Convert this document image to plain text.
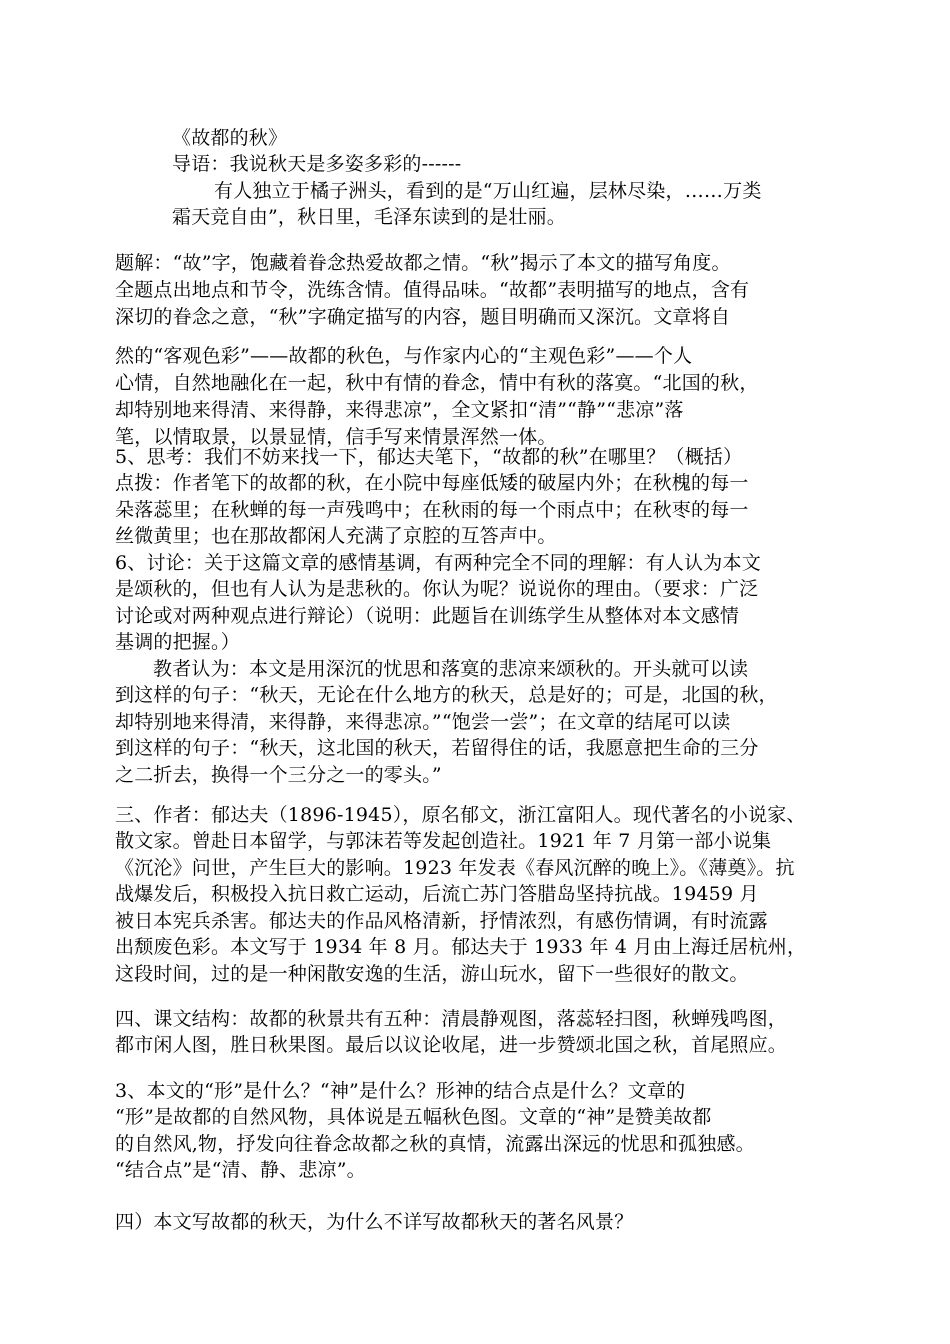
《故都的秋》
导语：我说秋天是多姿多彩的------
有人独立于橘子洲头，看到的是“万山红遍，层林尽染，……万类
霜天竞自由”，秋日里，毛泽东读到的是壮丽。
题解：“故”字，饱藏着眷念热爱故都之情。“秋”揭示了本文的描写角度。
全题点出地点和节令，洗练含情。值得品味。“故都”表明描写的地点，含有
深切的眷念之意，“秋”字确定描写的内容，题目明确而又深沉。文章将自
然的“客观色彩”——故都的秋色，与作家内心的“主观色彩”——个人
心情，自然地融化在一起，秋中有情的眷念，情中有秋的落寞。“北国的秋，
却特别地来得清、来得静，来得悲凉”，全文紧扣“清”“静”“悲凉”落
笔，以情取景，以景显情，信手写来情景浑然一体。
5、思考：我们不妨来找一下，郁达夫笔下，“故都的秋”在哪里？（概括）
点拨：作者笔下的故都的秋，在小院中每座低矮的破屋内外；在秋槐的每一
朵落蕊里；在秋蝉的每一声残鸣中；在秋雨的每一个雨点中；在秋枣的每一
丝微黄里；也在那故都闲人充满了京腔的互答声中。
6、讨论：关于这篇文章的感情基调，有两种完全不同的理解：有人认为本文
是颂秋的，但也有人认为是悲秋的。你认为呢？说说你的理由。（要求：广泛
讨论或对两种观点进行辩论）（说明：此题旨在训练学生从整体对本文感情
基调的把握。）
教者认为：本文是用深沉的忧思和落寞的悲凉来颂秋的。开头就可以读
到这样的句子：“秋天，无论在什么地方的秋天，总是好的；可是，北国的秋，
却特别地来得清，来得静，来得悲凉。”“饱尝一尝”；在文章的结尾可以读
到这样的句子：“秋天，这北国的秋天，若留得住的话，我愿意把生命的三分
之二折去，换得一个三分之一的零头。”
三、作者：郁达夫（1896-1945），原名郁文，浙江富阳人。现代著名的小说家、
散文家。曾赴日本留学，与郭沫若等发起创造社。1921 年 7 月第一部小说集
《沉沦》问世，产生巨大的影响。1923 年发表《春风沉醉的晚上》。《薄奠》。抗
战爆发后，积极投入抗日救亡运动，后流亡苏门答腊岛坚持抗战。19459 月
被日本宪兵杀害。郁达夫的作品风格清新，抒情浓烈，有感伤情调，有时流露
出颓废色彩。本文写于 1934 年 8 月。郁达夫于 1933 年 4 月由上海迁居杭州，
这段时间，过的是一种闲散安逸的生活，游山玩水，留下一些很好的散文。
四、课文结构：故都的秋景共有五种：清晨静观图，落蕊轻扫图，秋蝉残鸣图，
都市闲人图，胜日秋果图。最后以议论收尾，进一步赞颂北国之秋，首尾照应。
3、本文的“形”是什么？“神”是什么？形神的结合点是什么？文章的
“形”是故都的自然风物，具体说是五幅秋色图。文章的“神”是赞美故都
的自然风,物，抒发向往眷念故都之秋的真情，流露出深远的忧思和孤独感。
“结合点”是“清、静、悲凉”。
四）本文写故都的秋天，为什么不详写故都秋天的著名风景？
